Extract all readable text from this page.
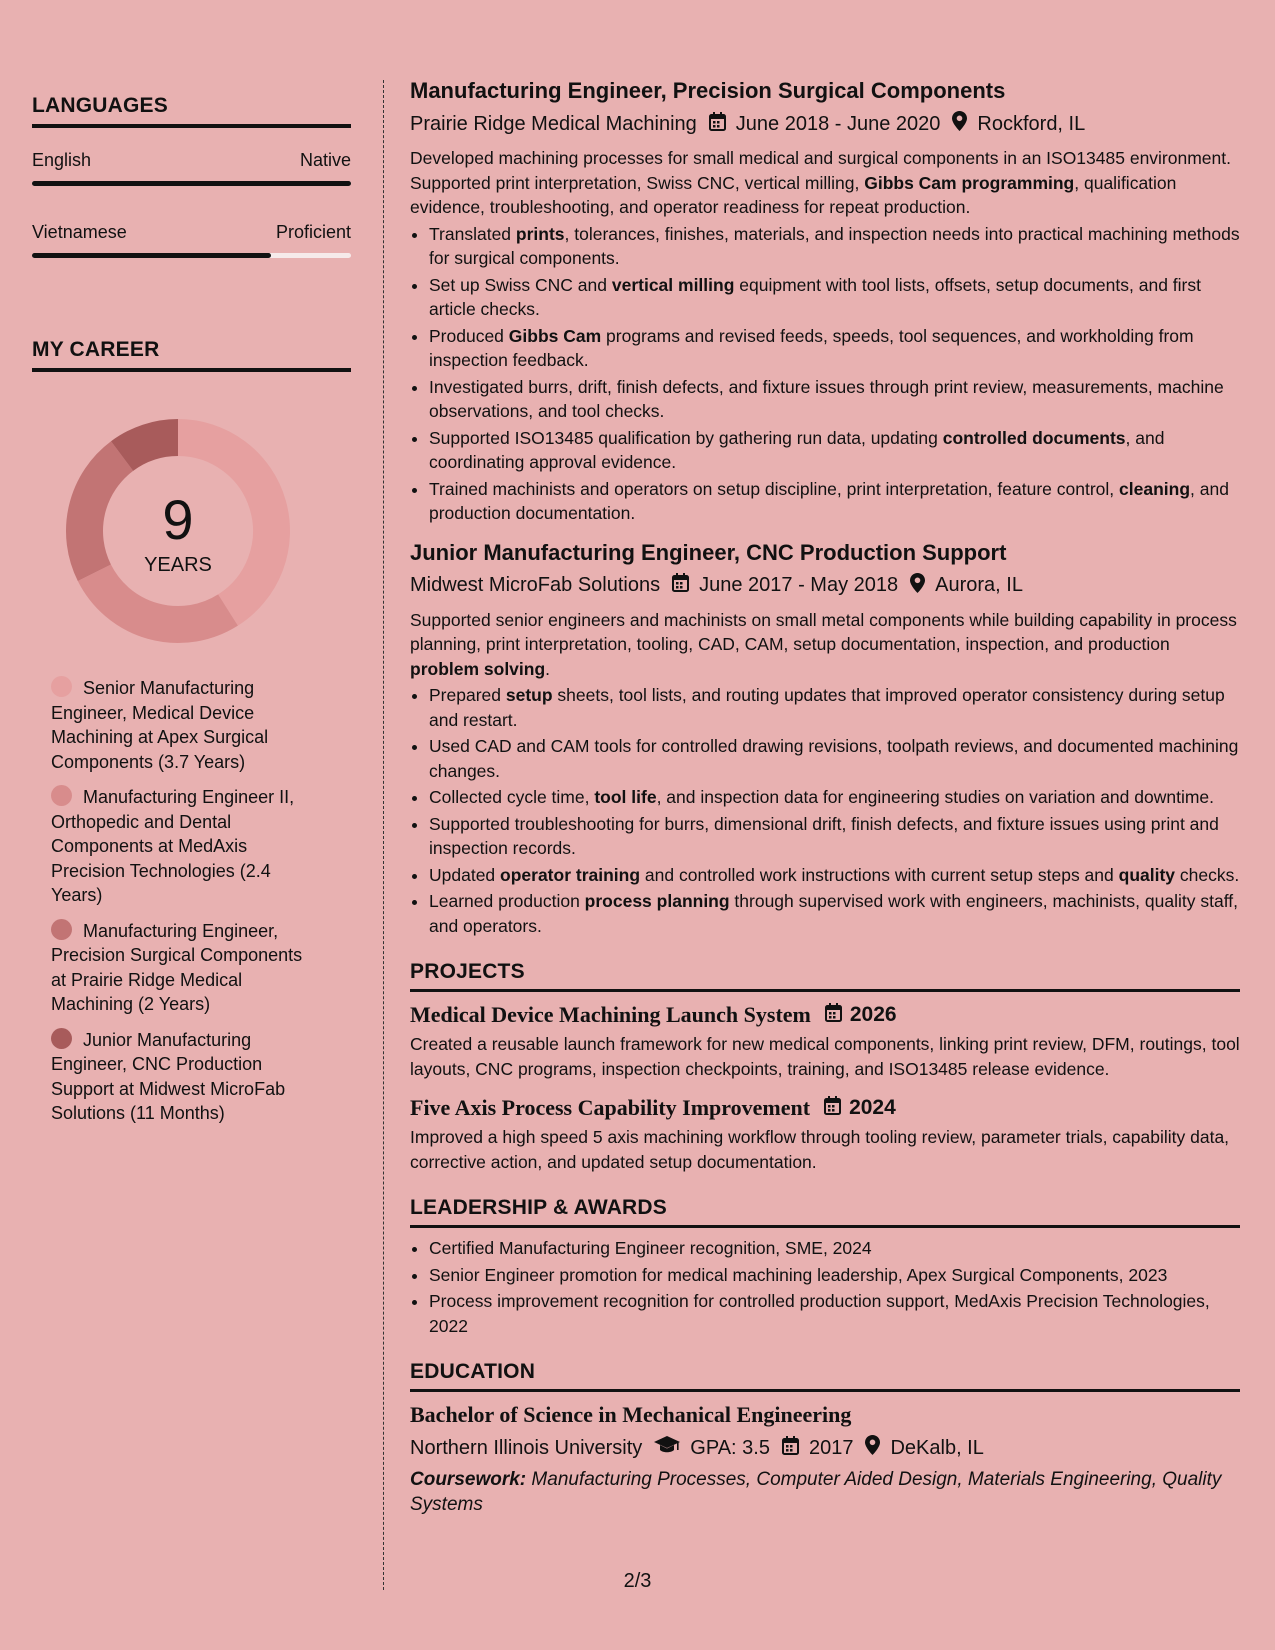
LANGUAGES
English	Native
Vietnamese	Proficient
MY CAREER
9
YEARS
Senior Manufacturing Engineer, Medical Device Machining at Apex Surgical Components (3.7 Years)
Manufacturing Engineer II, Orthopedic and Dental Components at MedAxis Precision Technologies (2.4 Years)
Manufacturing Engineer, Precision Surgical Components at Prairie Ridge Medical Machining (2 Years)
Junior Manufacturing Engineer, CNC Production Support at Midwest MicroFab Solutions (11 Months)
Manufacturing Engineer, Precision Surgical Components
Prairie Ridge Medical Machining June 2018 - June 2020 Rockford, IL
Developed machining processes for small medical and surgical components in an ISO13485 environment. Supported print interpretation, Swiss CNC, vertical milling, Gibbs Cam programming, qualification evidence, troubleshooting, and operator readiness for repeat production.
• Translated prints, tolerances, finishes, materials, and inspection needs into practical machining methods for surgical components.
• Set up Swiss CNC and vertical milling equipment with tool lists, offsets, setup documents, and first article checks.
• Produced Gibbs Cam programs and revised feeds, speeds, tool sequences, and workholding from inspection feedback.
• Investigated burrs, drift, finish defects, and fixture issues through print review, measurements, machine observations, and tool checks.
• Supported ISO13485 qualification by gathering run data, updating controlled documents, and coordinating approval evidence.
• Trained machinists and operators on setup discipline, print interpretation, feature control, cleaning, and production documentation.
Junior Manufacturing Engineer, CNC Production Support
Midwest MicroFab Solutions June 2017 - May 2018 Aurora, IL
Supported senior engineers and machinists on small metal components while building capability in process planning, print interpretation, tooling, CAD, CAM, setup documentation, inspection, and production problem solving.
• Prepared setup sheets, tool lists, and routing updates that improved operator consistency during setup and restart.
• Used CAD and CAM tools for controlled drawing revisions, toolpath reviews, and documented machining changes.
• Collected cycle time, tool life, and inspection data for engineering studies on variation and downtime.
• Supported troubleshooting for burrs, dimensional drift, finish defects, and fixture issues using print and inspection records.
• Updated operator training and controlled work instructions with current setup steps and quality checks.
• Learned production process planning through supervised work with engineers, machinists, quality staff, and operators.
PROJECTS
Medical Device Machining Launch System 2026
Created a reusable launch framework for new medical components, linking print review, DFM, routings, tool layouts, CNC programs, inspection checkpoints, training, and ISO13485 release evidence.
Five Axis Process Capability Improvement 2024
Improved a high speed 5 axis machining workflow through tooling review, parameter trials, capability data, corrective action, and updated setup documentation.
LEADERSHIP & AWARDS
• Certified Manufacturing Engineer recognition, SME, 2024
• Senior Engineer promotion for medical machining leadership, Apex Surgical Components, 2023
• Process improvement recognition for controlled production support, MedAxis Precision Technologies, 2022
EDUCATION
Bachelor of Science in Mechanical Engineering
Northern Illinois University GPA: 3.5 2017 DeKalb, IL
Coursework: Manufacturing Processes, Computer Aided Design, Materials Engineering, Quality Systems
2/3
